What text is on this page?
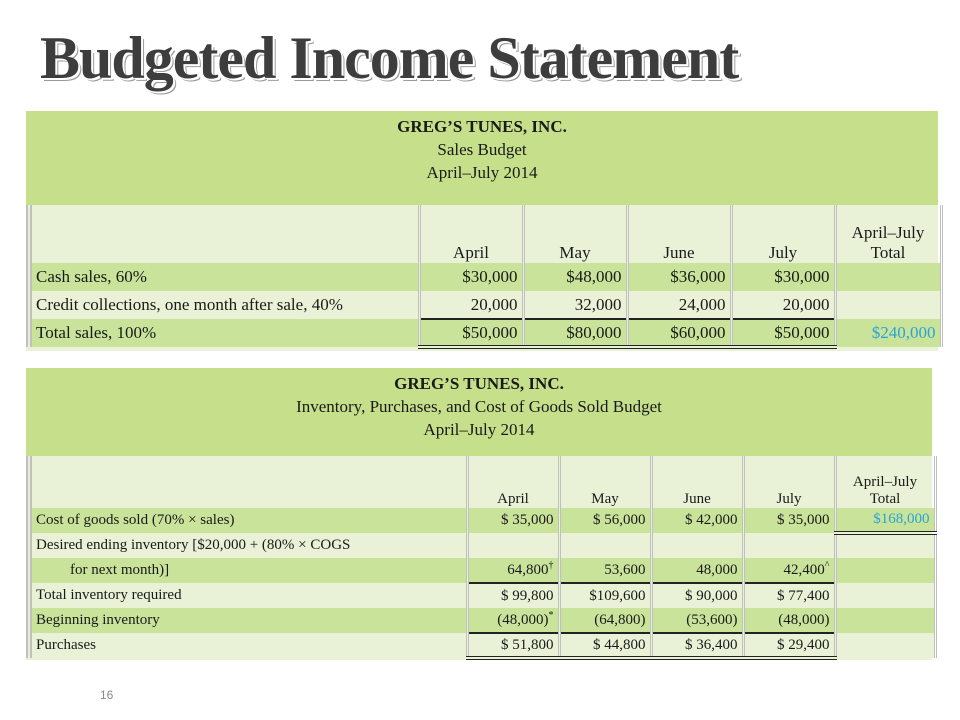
Budgeted Income Statement
GREG’S TUNES, INC.
Sales Budget
April–July 2014
	April	May	June	July	April–July
Total

Cash sales, 60%	$30,000	$48,000	$36,000	$30,000	
Credit collections, one month after sale, 40%	20,000	32,000	24,000	20,000	
Total sales, 100%	$50,000	$80,000	$60,000	$50,000	$240,000
GREG’S TUNES, INC.
Inventory, Purchases, and Cost of Goods Sold Budget
April–July 2014
	April	May	June	July	April–July
Total

Cost of goods sold (70% × sales)	$ 35,000	$ 56,000	$ 42,000	$ 35,000	$168,000
Desired ending inventory [$20,000 + (80% × COGS					
for next month)]	64,800†	53,600	48,000	42,400^	
Total inventory required	$ 99,800	$109,600	$ 90,000	$ 77,400	
Beginning inventory	(48,000)*	(64,800)	(53,600)	(48,000)	
Purchases	$ 51,800	$ 44,800	$ 36,400	$ 29,400	
16
